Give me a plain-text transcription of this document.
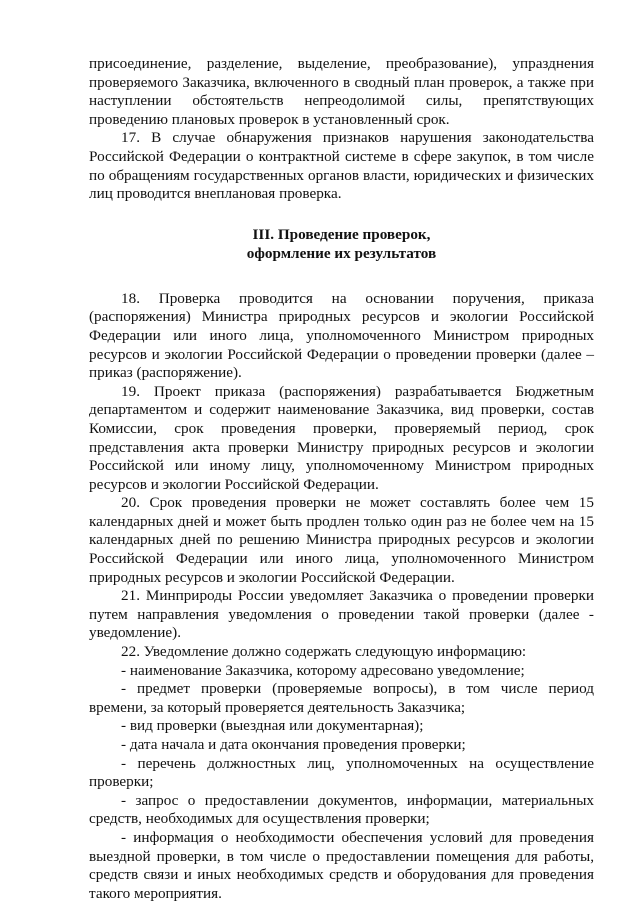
присоединение, разделение, выделение, преобразование), упразднения проверяемого Заказчика, включенного в сводный план проверок, а также при наступлении обстоятельств непреодолимой силы, препятствующих проведению плановых проверок в установленный срок.

17. В случае обнаружения признаков нарушения законодательства Российской Федерации о контрактной системе в сфере закупок, в том числе по обращениям государственных органов власти, юридических и физических лиц проводится внеплановая проверка.

III. Проведение проверок,
оформление их результатов

18. Проверка проводится на основании поручения, приказа (распоряжения) Министра природных ресурсов и экологии Российской Федерации или иного лица, уполномоченного Министром природных ресурсов и экологии Российской Федерации о проведении проверки (далее – приказ (распоряжение).

19. Проект приказа (распоряжения) разрабатывается Бюджетным департаментом и содержит наименование Заказчика, вид проверки, состав Комиссии, срок проведения проверки, проверяемый период, срок представления акта проверки Министру природных ресурсов и экологии Российской или иному лицу, уполномоченному Министром природных ресурсов и экологии Российской Федерации.

20. Срок проведения проверки не может составлять более чем 15 календарных дней и может быть продлен только один раз не более чем на 15 календарных дней по решению Министра природных ресурсов и экологии Российской Федерации или иного лица, уполномоченного Министром природных ресурсов и экологии Российской Федерации.

21. Минприроды России уведомляет Заказчика о проведении проверки путем направления уведомления о проведении такой проверки (далее - уведомление).

22. Уведомление должно содержать следующую информацию:

- наименование Заказчика, которому адресовано уведомление;

- предмет проверки (проверяемые вопросы), в том числе период времени, за который проверяется деятельность Заказчика;

- вид проверки (выездная или документарная);

- дата начала и дата окончания проведения проверки;

- перечень должностных лиц, уполномоченных на осуществление проверки;

- запрос о предоставлении документов, информации, материальных средств, необходимых для осуществления проверки;

- информация о необходимости обеспечения условий для проведения выездной проверки, в том числе о предоставлении помещения для работы, средств связи и иных необходимых средств и оборудования для проведения такого мероприятия.
